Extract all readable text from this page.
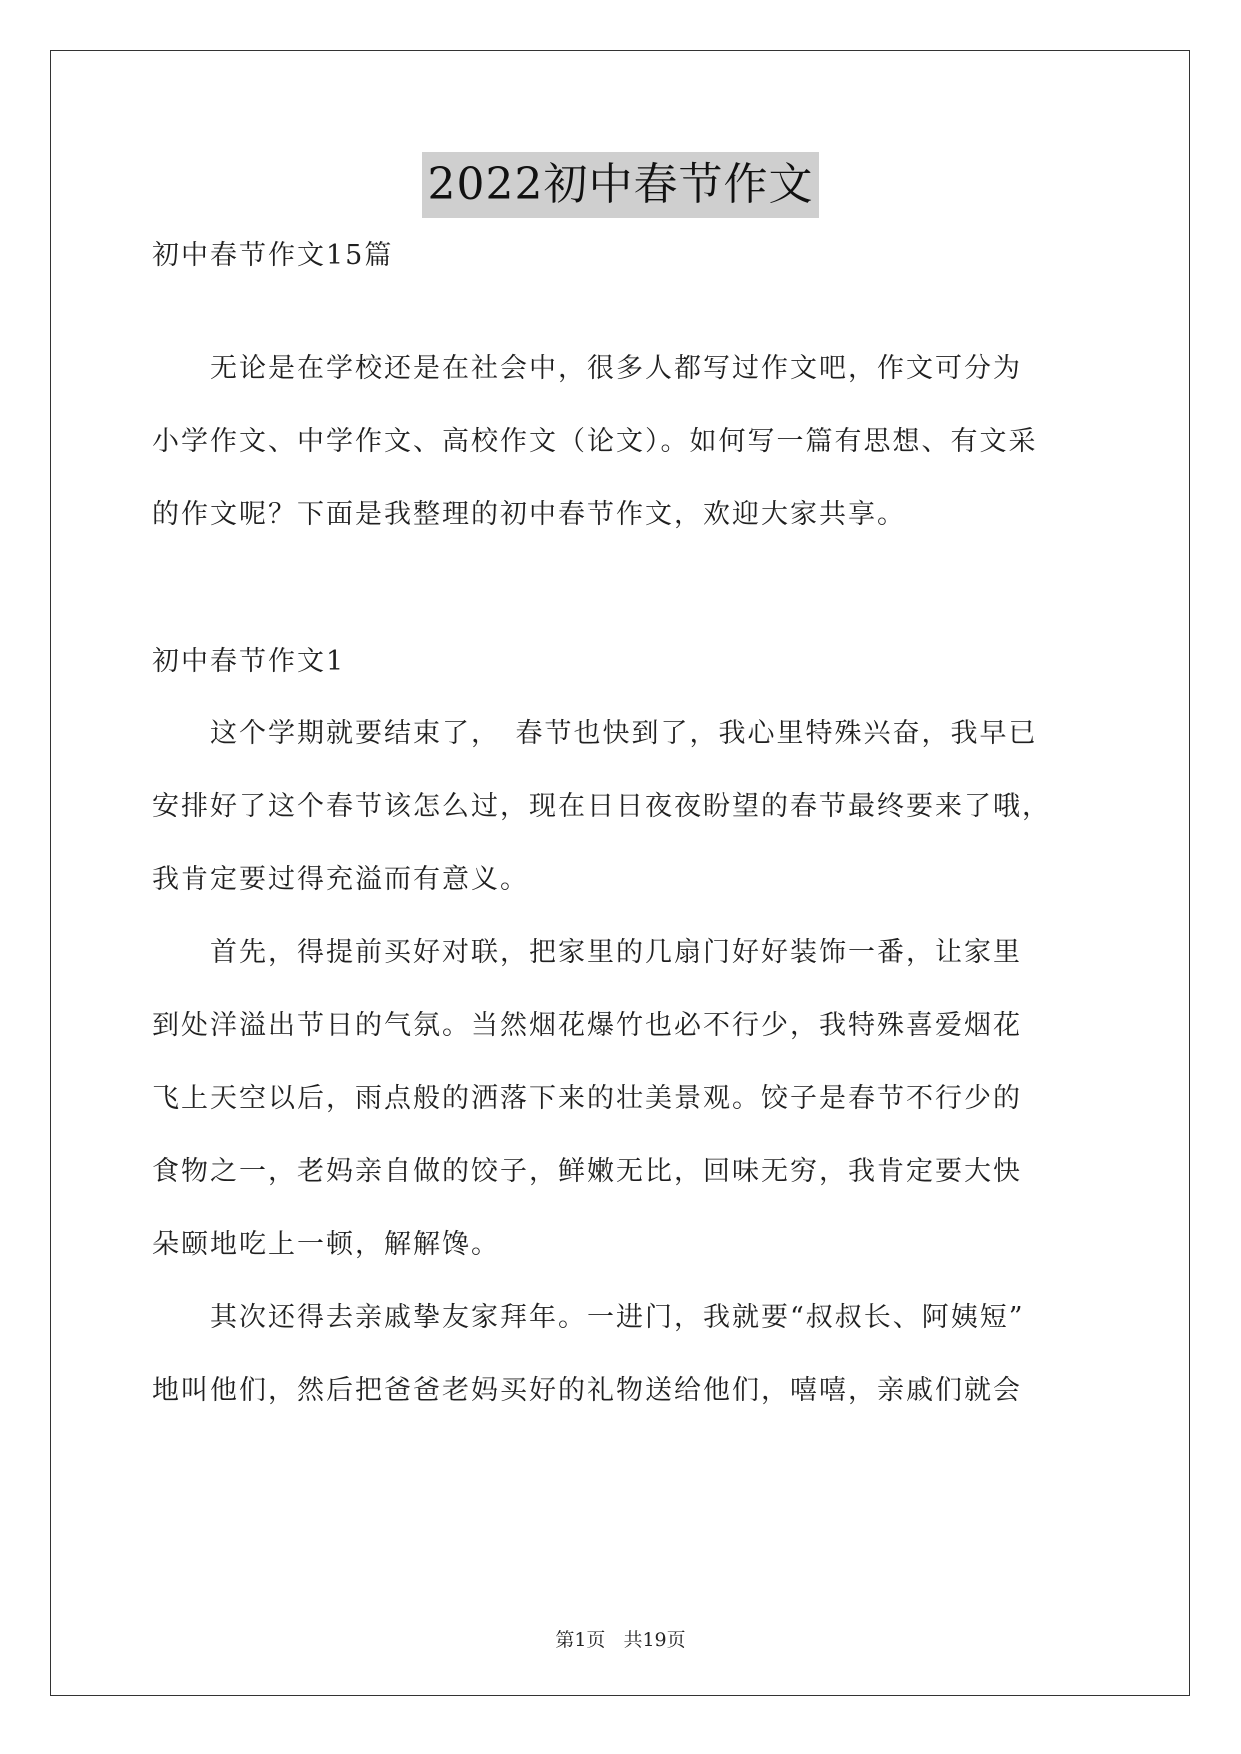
2022初中春节作文
初中春节作文15篇
　　无论是在学校还是在社会中，很多人都写过作文吧，作文可分为
小学作文、中学作文、高校作文（论文）。如何写一篇有思想、有文采
的作文呢？下面是我整理的初中春节作文，欢迎大家共享。
初中春节作文1
　　这个学期就要结束了，　春节也快到了，我心里特殊兴奋，我早已
安排好了这个春节该怎么过，现在日日夜夜盼望的春节最终要来了哦，
我肯定要过得充溢而有意义。
　　首先，得提前买好对联，把家里的几扇门好好装饰一番，让家里
到处洋溢出节日的气氛。当然烟花爆竹也必不行少，我特殊喜爱烟花
飞上天空以后，雨点般的洒落下来的壮美景观。饺子是春节不行少的
食物之一，老妈亲自做的饺子，鲜嫩无比，回味无穷，我肯定要大快
朵颐地吃上一顿，解解馋。
　　其次还得去亲戚挚友家拜年。一进门，我就要“叔叔长、阿姨短”
地叫他们，然后把爸爸老妈买好的礼物送给他们，嘻嘻，亲戚们就会
第1页 共19页
